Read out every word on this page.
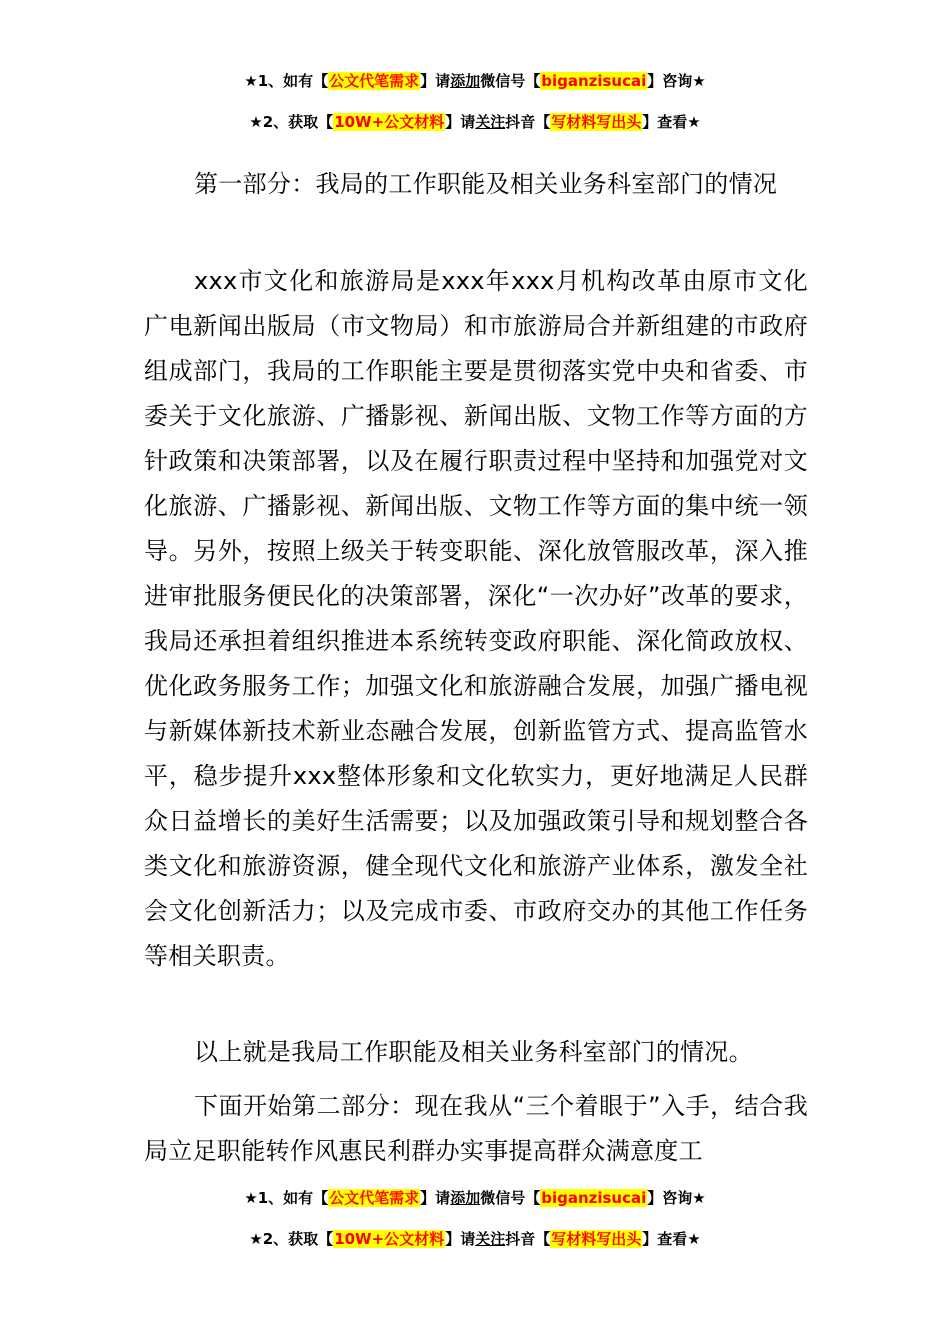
★1、如有【公文代笔需求】请添加微信号【biganzisucai】咨询★
★2、获取【10W+公文材料】请关注抖音【写材料写出头】查看★

第一部分：我局的工作职能及相关业务科室部门的情况

xxx市文化和旅游局是xxx年xxx月机构改革由原市文化广电新闻出版局（市文物局）和市旅游局合并新组建的市政府组成部门，我局的工作职能主要是贯彻落实党中央和省委、市委关于文化旅游、广播影视、新闻出版、文物工作等方面的方针政策和决策部署，以及在履行职责过程中坚持和加强党对文化旅游、广播影视、新闻出版、文物工作等方面的集中统一领导。另外，按照上级关于转变职能、深化放管服改革，深入推进审批服务便民化的决策部署，深化“一次办好”改革的要求，我局还承担着组织推进本系统转变政府职能、深化简政放权、优化政务服务工作；加强文化和旅游融合发展，加强广播电视与新媒体新技术新业态融合发展，创新监管方式、提高监管水平，稳步提升xxx整体形象和文化软实力，更好地满足人民群众日益增长的美好生活需要；以及加强政策引导和规划整合各类文化和旅游资源，健全现代文化和旅游产业体系，激发全社会文化创新活力；以及完成市委、市政府交办的其他工作任务等相关职责。

以上就是我局工作职能及相关业务科室部门的情况。

下面开始第二部分：现在我从“三个着眼于”入手，结合我局立足职能转作风惠民利群办实事提高群众满意度工

★1、如有【公文代笔需求】请添加微信号【biganzisucai】咨询★
★2、获取【10W+公文材料】请关注抖音【写材料写出头】查看★
